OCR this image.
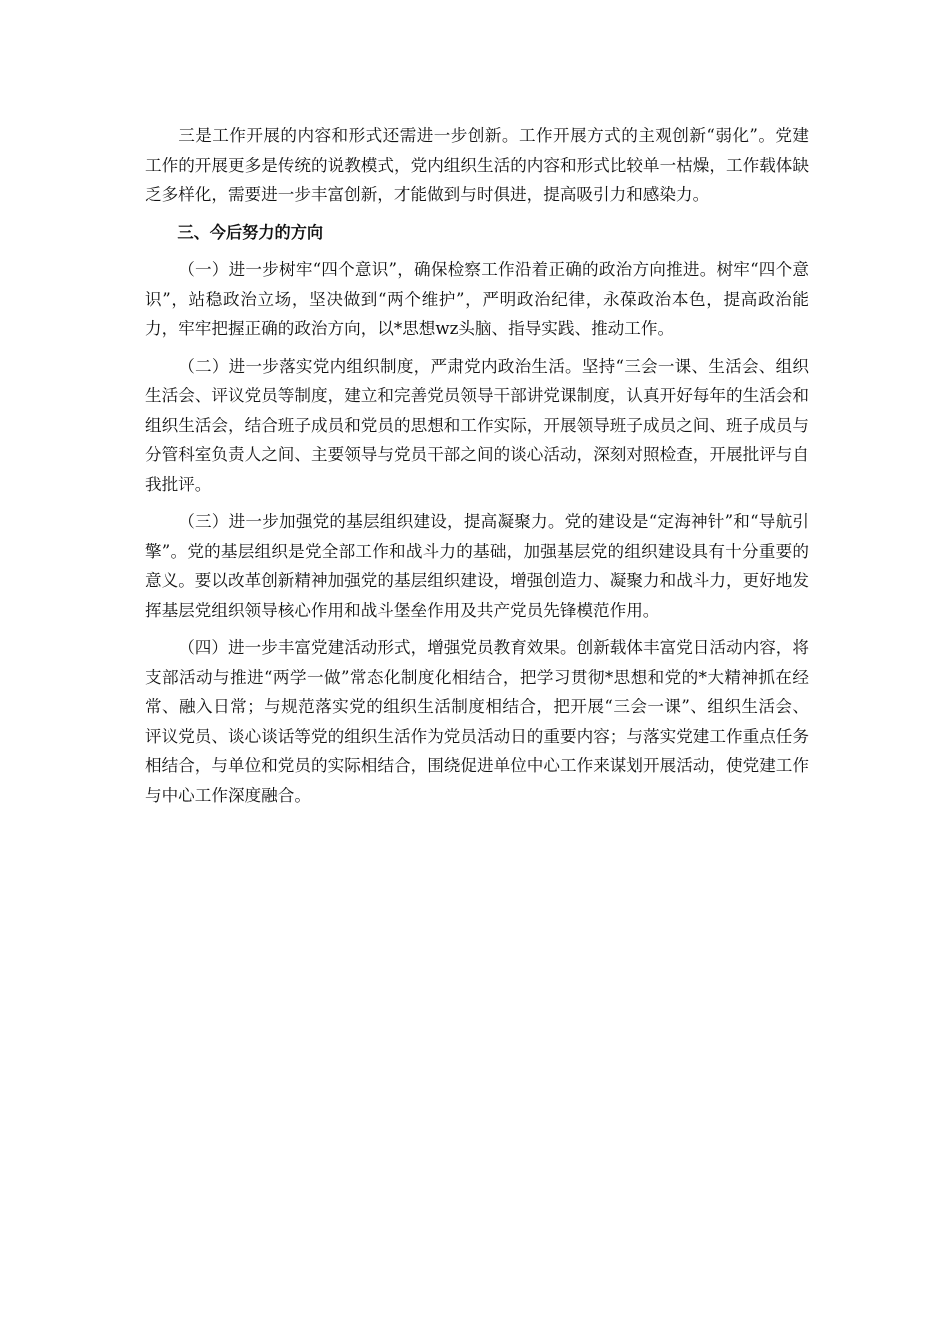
三是工作开展的内容和形式还需进一步创新。工作开展方式的主观创新“弱化”。党建工作的开展更多是传统的说教模式，党内组织生活的内容和形式比较单一枯燥，工作载体缺乏多样化，需要进一步丰富创新，才能做到与时俱进，提高吸引力和感染力。

三、今后努力的方向

（一）进一步树牢“四个意识”，确保检察工作沿着正确的政治方向推进。树牢“四个意识”，站稳政治立场，坚决做到“两个维护”，严明政治纪律，永葆政治本色，提高政治能力，牢牢把握正确的政治方向，以*思想wz头脑、指导实践、推动工作。

（二）进一步落实党内组织制度，严肃党内政治生活。坚持“三会一课、生活会、组织生活会、评议党员等制度，建立和完善党员领导干部讲党课制度，认真开好每年的生活会和组织生活会，结合班子成员和党员的思想和工作实际，开展领导班子成员之间、班子成员与分管科室负责人之间、主要领导与党员干部之间的谈心活动，深刻对照检查，开展批评与自我批评。

（三）进一步加强党的基层组织建设，提高凝聚力。党的建设是“定海神针”和“导航引擎”。党的基层组织是党全部工作和战斗力的基础，加强基层党的组织建设具有十分重要的意义。要以改革创新精神加强党的基层组织建设，增强创造力、凝聚力和战斗力，更好地发挥基层党组织领导核心作用和战斗堡垒作用及共产党员先锋模范作用。

（四）进一步丰富党建活动形式，增强党员教育效果。创新载体丰富党日活动内容，将支部活动与推进“两学一做”常态化制度化相结合，把学习贯彻*思想和党的*大精神抓在经常、融入日常；与规范落实党的组织生活制度相结合，把开展“三会一课”、组织生活会、评议党员、谈心谈话等党的组织生活作为党员活动日的重要内容；与落实党建工作重点任务相结合，与单位和党员的实际相结合，围绕促进单位中心工作来谋划开展活动，使党建工作与中心工作深度融合。
